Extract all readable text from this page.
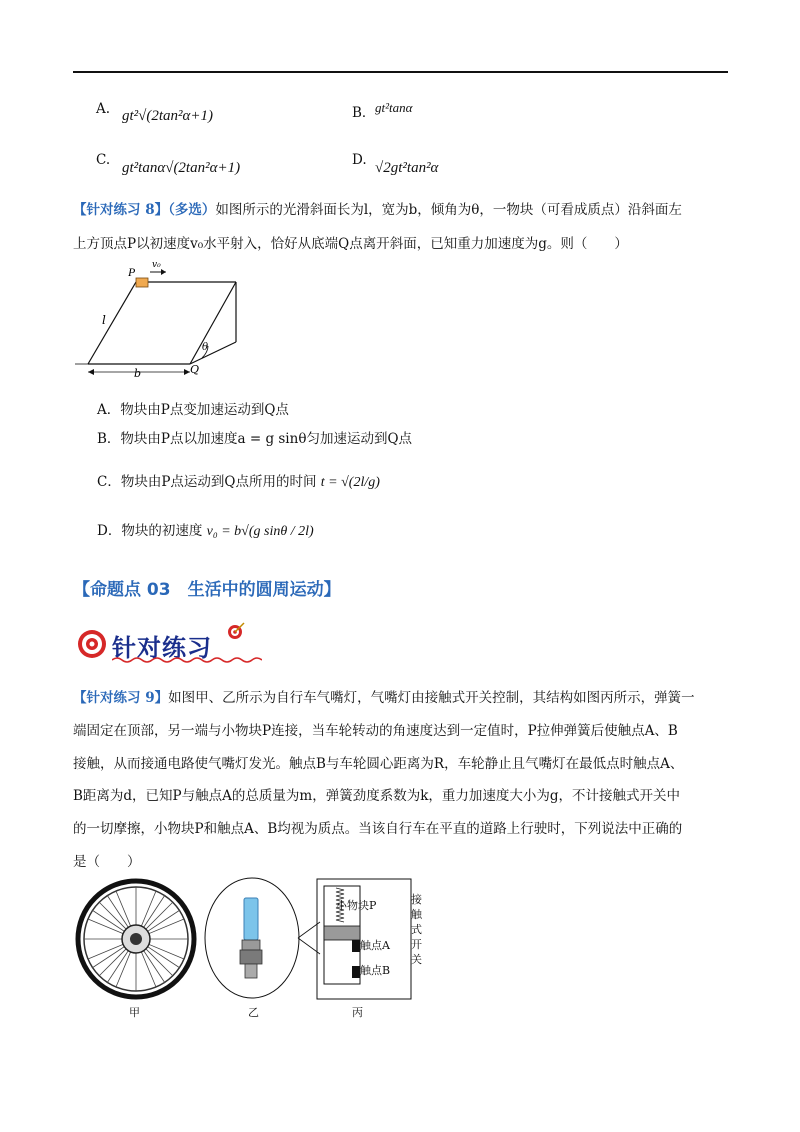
A. gt²√(2tan²α+1)	B． gt²tanα
C. gt²tanα√(2tan²α+1)	D. √2gt²tan²α
【针对练习 8】（多选）如图所示的光滑斜面长为l，宽为b，倾角为θ，一物块（可看成质点）沿斜面左
上方顶点P以初速度v₀水平射入，恰好从底端Q点离开斜面，已知重力加速度为g。则（　　）
P v₀
l
b	Q
θ
A．物块由P点变加速运动到Q点
B．物块由P点以加速度a = g sinθ匀加速运动到Q点
C．物块由P点运动到Q点所用的时间 t = √(2l/g)
D．物块的初速度 v₀ = b√(g sinθ / 2l)
【命题点 03　生活中的圆周运动】
针对练习
【针对练习 9】如图甲、乙所示为自行车气嘴灯，气嘴灯由接触式开关控制，其结构如图丙所示，弹簧一
端固定在顶部，另一端与小物块P连接，当车轮转动的角速度达到一定值时，P拉伸弹簧后使触点A、B
接触，从而接通电路使气嘴灯发光。触点B与车轮圆心距离为R，车轮静止且气嘴灯在最低点时触点A、
B距离为d，已知P与触点A的总质量为m，弹簧劲度系数为k，重力加速度大小为g，不计接触式开关中
的一切摩擦，小物块P和触点A、B均视为质点。当该自行车在平直的道路上行驶时，下列说法中正确的
是（　　）
甲	乙
小物块P
触点A
触点B
接触式开关
丙
